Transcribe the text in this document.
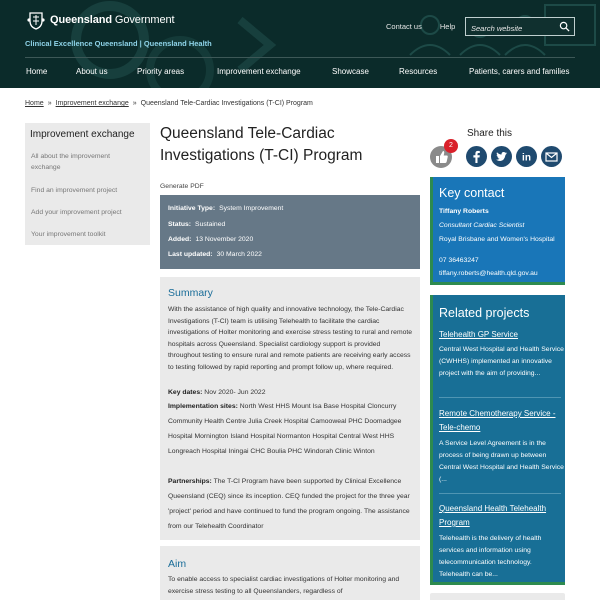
Queensland Government
Clinical Excellence Queensland | Queensland Health
Contact us Help
Search website
Home	About us	Priority areas	Improvement exchange	Showcase	Resources	Patients, carers and families
Home » Improvement exchange » Queensland Tele-Cardiac Investigations (T-CI) Program
Improvement exchange
All about the improvement exchange
Find an improvement project
Add your improvement project
Your improvement toolkit
Queensland Tele-Cardiac Investigations (T-CI) Program
Generate PDF
Initiative Type: System Improvement
Status: Sustained
Added: 13 November 2020
Last updated: 30 March 2022
Summary
With the assistance of high quality and innovative technology, the Tele-Cardiac Investigations (T-CI) team is utilising Telehealth to facilitate the cardiac investigations of Holter monitoring and exercise stress testing to rural and remote hospitals across Queensland. Specialist cardiology support is provided throughout testing to ensure rural and remote patients are receiving early access to testing followed by rapid reporting and prompt follow up, where required.
Key dates: Nov 2020- Jun 2022
Implementation sites: North West HHS Mount Isa Base Hospital Cloncurry Community Health Centre Julia Creek Hospital Camooweal PHC Doomadgee Hospital Mornington Island Hospital Normanton Hospital Central West HHS Longreach Hospital Iningai CHC Boulia PHC Windorah Clinic Winton
Partnerships: The T-CI Program have been supported by Clinical Excellence Queensland (CEQ) since its inception. CEQ funded the project for the three year 'project' period and have continued to fund the program ongoing. The assistance from our Telehealth Coordinator
Aim
To enable access to specialist cardiac investigations of Holter monitoring and exercise stress testing to all Queenslanders, regardless of
Share this
2
in
Key contact
Tiffany Roberts
Consultant Cardiac Scientist
Royal Brisbane and Women's Hospital
07 36463247
tiffany.roberts@health.qld.gov.au
Related projects
Telehealth GP Service
Central West Hospital and Health Service (CWHHS) implemented an innovative project with the aim of providing...
Remote Chemotherapy Service - Tele-chemo
A Service Level Agreement is in the process of being drawn up between Central West Hospital and Health Service (...
Queensland Health Telehealth Program
Telehealth is the delivery of health services and information using telecommunication technology. Telehealth can be...
